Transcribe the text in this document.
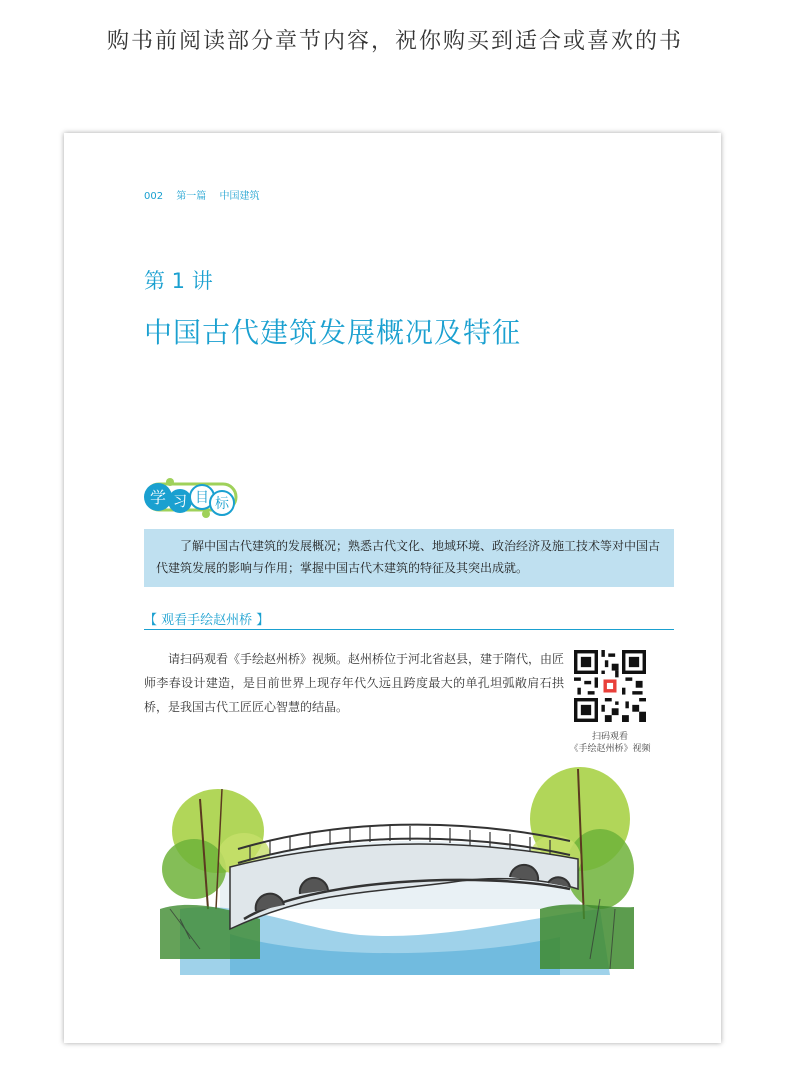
购书前阅读部分章节内容，祝你购买到适合或喜欢的书
002 第一篇 中国建筑
第 1 讲
中国古代建筑发展概况及特征
学 习 目 标

了解中国古代建筑的发展概况；熟悉古代文化、地域环境、政治经济及施工技术等对中国古代建筑发展的影响与作用；掌握中国古代木建筑的特征及其突出成就。

【 观看手绘赵州桥 】

请扫码观看《手绘赵州桥》视频。赵州桥位于河北省赵县，建于隋代，由匠师李春设计建造，是目前世界上现存年代久远且跨度最大的单孔坦弧敞肩石拱桥，是我国古代工匠匠心智慧的结晶。

扫码观看
《手绘赵州桥》视频
